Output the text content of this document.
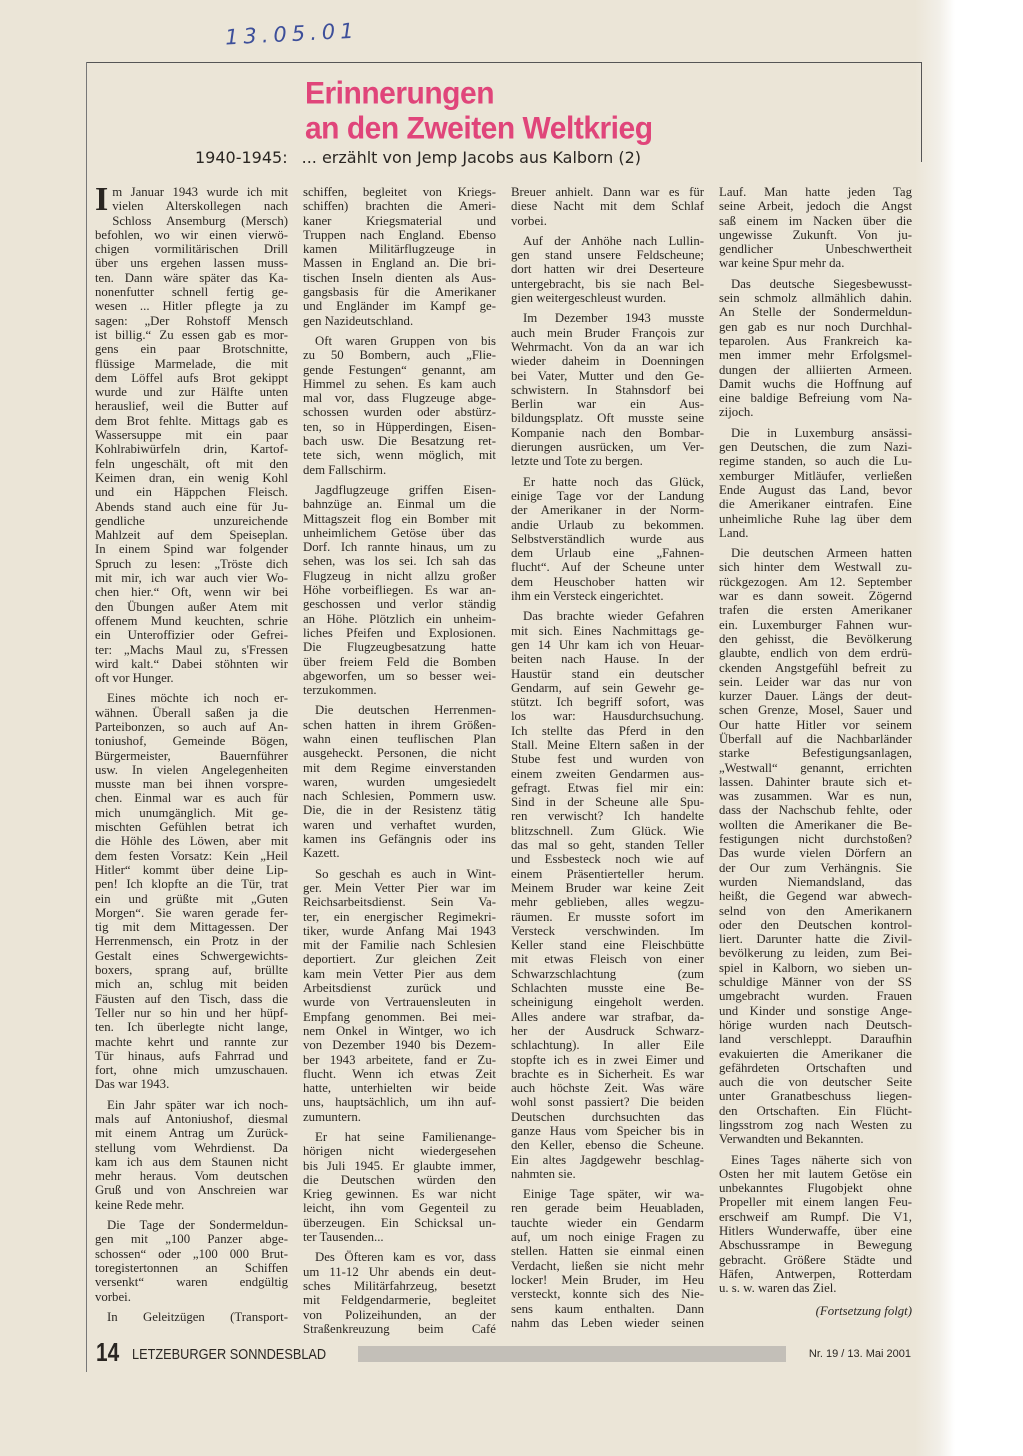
13.05.01
Erinnerungen
an den Zweiten Weltkrieg
1940-1945: ... erzählt von Jemp Jacobs aus Kalborn (2)
I m Januar 1943 wurde ich mit
vielen Alterskollegen nach
Schloss Ansemburg (Mersch)
befohlen, wo wir einen vierwö-
chigen vormilitärischen Drill
über uns ergehen lassen muss-
ten. Dann wäre später das Ka-
nonenfutter schnell fertig ge-
wesen ... Hitler pflegte ja zu
sagen: „Der Rohstoff Mensch
ist billig.“ Zu essen gab es mor-
gens ein paar Brotschnitte,
flüssige Marmelade, die mit
dem Löffel aufs Brot gekippt
wurde und zur Hälfte unten
herauslief, weil die Butter auf
dem Brot fehlte. Mittags gab es
Wassersuppe mit ein paar
Kohlrabiwürfeln drin, Kartof-
feln ungeschält, oft mit den
Keimen dran, ein wenig Kohl
und ein Häppchen Fleisch.
Abends stand auch eine für Ju-
gendliche unzureichende
Mahlzeit auf dem Speiseplan.
In einem Spind war folgender
Spruch zu lesen: „Tröste dich
mit mir, ich war auch vier Wo-
chen hier.“ Oft, wenn wir bei
den Übungen außer Atem mit
offenem Mund keuchten, schrie
ein Unteroffizier oder Gefrei-
ter: „Machs Maul zu, s'Fressen
wird kalt.“ Dabei stöhnten wir
oft vor Hunger.
Eines möchte ich noch er-
wähnen. Überall saßen ja die
Parteibonzen, so auch auf An-
toniushof, Gemeinde Bögen,
Bürgermeister, Bauernführer
usw. In vielen Angelegenheiten
musste man bei ihnen vorspre-
chen. Einmal war es auch für
mich unumgänglich. Mit ge-
mischten Gefühlen betrat ich
die Höhle des Löwen, aber mit
dem festen Vorsatz: Kein „Heil
Hitler“ kommt über deine Lip-
pen! Ich klopfte an die Tür, trat
ein und grüßte mit „Guten
Morgen“. Sie waren gerade fer-
tig mit dem Mittagessen. Der
Herrenmensch, ein Protz in der
Gestalt eines Schwergewichts-
boxers, sprang auf, brüllte
mich an, schlug mit beiden
Fäusten auf den Tisch, dass die
Teller nur so hin und her hüpf-
ten. Ich überlegte nicht lange,
machte kehrt und rannte zur
Tür hinaus, aufs Fahrrad und
fort, ohne mich umzuschauen.
Das war 1943.
Ein Jahr später war ich noch-
mals auf Antoniushof, diesmal
mit einem Antrag um Zurück-
stellung vom Wehrdienst. Da
kam ich aus dem Staunen nicht
mehr heraus. Vom deutschen
Gruß und von Anschreien war
keine Rede mehr.
Die Tage der Sondermeldun-
gen mit „100 Panzer abge-
schossen“ oder „100 000 Brut-
toregistertonnen an Schiffen
versenkt“ waren endgültig
vorbei.
In Geleitzügen (Transport-
schiffen, begleitet von Kriegs-
schiffen) brachten die Ameri-
kaner Kriegsmaterial und
Truppen nach England. Ebenso
kamen Militärflugzeuge in
Massen in England an. Die bri-
tischen Inseln dienten als Aus-
gangsbasis für die Amerikaner
und Engländer im Kampf ge-
gen Nazideutschland.
Oft waren Gruppen von bis
zu 50 Bombern, auch „Flie-
gende Festungen“ genannt, am
Himmel zu sehen. Es kam auch
mal vor, dass Flugzeuge abge-
schossen wurden oder abstürz-
ten, so in Hüpperdingen, Eisen-
bach usw. Die Besatzung ret-
tete sich, wenn möglich, mit
dem Fallschirm.
Jagdflugzeuge griffen Eisen-
bahnzüge an. Einmal um die
Mittagszeit flog ein Bomber mit
unheimlichem Getöse über das
Dorf. Ich rannte hinaus, um zu
sehen, was los sei. Ich sah das
Flugzeug in nicht allzu großer
Höhe vorbeifliegen. Es war an-
geschossen und verlor ständig
an Höhe. Plötzlich ein unheim-
liches Pfeifen und Explosionen.
Die Flugzeugbesatzung hatte
über freiem Feld die Bomben
abgeworfen, um so besser wei-
terzukommen.
Die deutschen Herrenmen-
schen hatten in ihrem Größen-
wahn einen teuflischen Plan
ausgeheckt. Personen, die nicht
mit dem Regime einverstanden
waren, wurden umgesiedelt
nach Schlesien, Pommern usw.
Die, die in der Resistenz tätig
waren und verhaftet wurden,
kamen ins Gefängnis oder ins
Kazett.
So geschah es auch in Wint-
ger. Mein Vetter Pier war im
Reichsarbeitsdienst. Sein Va-
ter, ein energischer Regimekri-
tiker, wurde Anfang Mai 1943
mit der Familie nach Schlesien
deportiert. Zur gleichen Zeit
kam mein Vetter Pier aus dem
Arbeitsdienst zurück und
wurde von Vertrauensleuten in
Empfang genommen. Bei mei-
nem Onkel in Wintger, wo ich
von Dezember 1940 bis Dezem-
ber 1943 arbeitete, fand er Zu-
flucht. Wenn ich etwas Zeit
hatte, unterhielten wir beide
uns, hauptsächlich, um ihn auf-
zumuntern.
Er hat seine Familienange-
hörigen nicht wiedergesehen
bis Juli 1945. Er glaubte immer,
die Deutschen würden den
Krieg gewinnen. Es war nicht
leicht, ihn vom Gegenteil zu
überzeugen. Ein Schicksal un-
ter Tausenden...
Des Öfteren kam es vor, dass
um 11-12 Uhr abends ein deut-
sches Militärfahrzeug, besetzt
mit Feldgendarmerie, begleitet
von Polizeihunden, an der
Straßenkreuzung beim Café
Breuer anhielt. Dann war es für
diese Nacht mit dem Schlaf
vorbei.
Auf der Anhöhe nach Lullin-
gen stand unsere Feldscheune;
dort hatten wir drei Deserteure
untergebracht, bis sie nach Bel-
gien weitergeschleust wurden.
Im Dezember 1943 musste
auch mein Bruder François zur
Wehrmacht. Von da an war ich
wieder daheim in Doenningen
bei Vater, Mutter und den Ge-
schwistern. In Stahnsdorf bei
Berlin war ein Aus-
bildungsplatz. Oft musste seine
Kompanie nach den Bombar-
dierungen ausrücken, um Ver-
letzte und Tote zu bergen.
Er hatte noch das Glück,
einige Tage vor der Landung
der Amerikaner in der Norm-
andie Urlaub zu bekommen.
Selbstverständlich wurde aus
dem Urlaub eine „Fahnen-
flucht“. Auf der Scheune unter
dem Heuschober hatten wir
ihm ein Versteck eingerichtet.
Das brachte wieder Gefahren
mit sich. Eines Nachmittags ge-
gen 14 Uhr kam ich von Heuar-
beiten nach Hause. In der
Haustür stand ein deutscher
Gendarm, auf sein Gewehr ge-
stützt. Ich begriff sofort, was
los war: Hausdurchsuchung.
Ich stellte das Pferd in den
Stall. Meine Eltern saßen in der
Stube fest und wurden von
einem zweiten Gendarmen aus-
gefragt. Etwas fiel mir ein:
Sind in der Scheune alle Spu-
ren verwischt? Ich handelte
blitzschnell. Zum Glück. Wie
das mal so geht, standen Teller
und Essbesteck noch wie auf
einem Präsentierteller herum.
Meinem Bruder war keine Zeit
mehr geblieben, alles wegzu-
räumen. Er musste sofort im
Versteck verschwinden. Im
Keller stand eine Fleischbütte
mit etwas Fleisch von einer
Schwarzschlachtung (zum
Schlachten musste eine Be-
scheinigung eingeholt werden.
Alles andere war strafbar, da-
her der Ausdruck Schwarz-
schlachtung). In aller Eile
stopfte ich es in zwei Eimer und
brachte es in Sicherheit. Es war
auch höchste Zeit. Was wäre
wohl sonst passiert? Die beiden
Deutschen durchsuchten das
ganze Haus vom Speicher bis in
den Keller, ebenso die Scheune.
Ein altes Jagdgewehr beschlag-
nahmten sie.
Einige Tage später, wir wa-
ren gerade beim Heuabladen,
tauchte wieder ein Gendarm
auf, um noch einige Fragen zu
stellen. Hatten sie einmal einen
Verdacht, ließen sie nicht mehr
locker! Mein Bruder, im Heu
versteckt, konnte sich des Nie-
sens kaum enthalten. Dann
nahm das Leben wieder seinen
Lauf. Man hatte jeden Tag
seine Arbeit, jedoch die Angst
saß einem im Nacken über die
ungewisse Zukunft. Von ju-
gendlicher Unbeschwertheit
war keine Spur mehr da.
Das deutsche Siegesbewusst-
sein schmolz allmählich dahin.
An Stelle der Sondermeldun-
gen gab es nur noch Durchhal-
teparolen. Aus Frankreich ka-
men immer mehr Erfolgsmel-
dungen der alliierten Armeen.
Damit wuchs die Hoffnung auf
eine baldige Befreiung vom Na-
zijoch.
Die in Luxemburg ansässi-
gen Deutschen, die zum Nazi-
regime standen, so auch die Lu-
xemburger Mitläufer, verließen
Ende August das Land, bevor
die Amerikaner eintrafen. Eine
unheimliche Ruhe lag über dem
Land.
Die deutschen Armeen hatten
sich hinter dem Westwall zu-
rückgezogen. Am 12. September
war es dann soweit. Zögernd
trafen die ersten Amerikaner
ein. Luxemburger Fahnen wur-
den gehisst, die Bevölkerung
glaubte, endlich von dem erdrü-
ckenden Angstgefühl befreit zu
sein. Leider war das nur von
kurzer Dauer. Längs der deut-
schen Grenze, Mosel, Sauer und
Our hatte Hitler vor seinem
Überfall auf die Nachbarländer
starke Befestigungsanlagen,
„Westwall“ genannt, errichten
lassen. Dahinter braute sich et-
was zusammen. War es nun,
dass der Nachschub fehlte, oder
wollten die Amerikaner die Be-
festigungen nicht durchstoßen?
Das wurde vielen Dörfern an
der Our zum Verhängnis. Sie
wurden Niemandsland, das
heißt, die Gegend war abwech-
selnd von den Amerikanern
oder den Deutschen kontrol-
liert. Darunter hatte die Zivil-
bevölkerung zu leiden, zum Bei-
spiel in Kalborn, wo sieben un-
schuldige Männer von der SS
umgebracht wurden. Frauen
und Kinder und sonstige Ange-
hörige wurden nach Deutsch-
land verschleppt. Daraufhin
evakuierten die Amerikaner die
gefährdeten Ortschaften und
auch die von deutscher Seite
unter Granatbeschuss liegen-
den Ortschaften. Ein Flücht-
lingsstrom zog nach Westen zu
Verwandten und Bekannten.
Eines Tages näherte sich von
Osten her mit lautem Getöse ein
unbekanntes Flugobjekt ohne
Propeller mit einem langen Feu-
erschweif am Rumpf. Die V1,
Hitlers Wunderwaffe, über eine
Abschussrampe in Bewegung
gebracht. Größere Städte und
Häfen, Antwerpen, Rotterdam
u. s. w. waren das Ziel.
(Fortsetzung folgt)
14 LETZEBURGER SONNDESBLAD	Nr. 19 / 13. Mai 2001
